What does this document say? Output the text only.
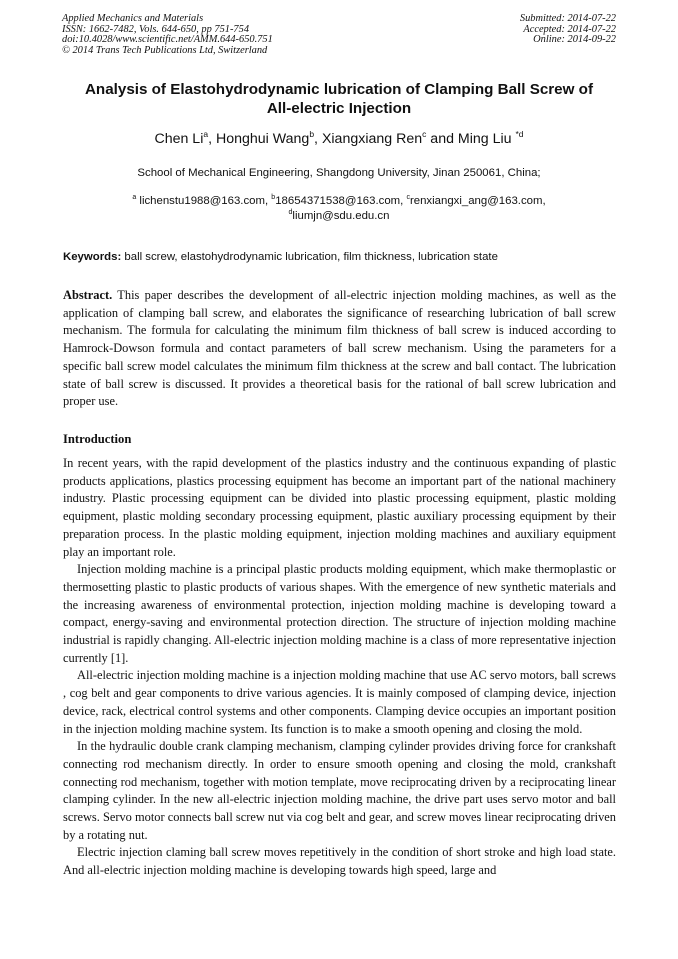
Applied Mechanics and Materials
ISSN: 1662-7482, Vols. 644-650, pp 751-754
doi:10.4028/www.scientific.net/AMM.644-650.751
© 2014 Trans Tech Publications Ltd, Switzerland
Submitted: 2014-07-22
Accepted: 2014-07-22
Online: 2014-09-22
Analysis of Elastohydrodynamic lubrication of Clamping Ball Screw of
All-electric Injection
Chen Li$^a$, Honghui Wang$^b$, Xiangxiang Ren$^c$ and Ming Liu $^{*d}$
School of Mechanical Engineering, Shangdong University, Jinan 250061, China;
$^a$ lichenstu1988@163.com, $^b$18654371538@163.com, $^c$renxiangxi_ang@163.com,
$^d$liumjn@sdu.edu.cn
Keywords: ball screw, elastohydrodynamic lubrication, film thickness, lubrication state

Abstract. This paper describes the development of all-electric injection molding machines, as well as the application of clamping ball screw, and elaborates the significance of researching lubrication of ball screw mechanism. The formula for calculating the minimum film thickness of ball screw is induced according to Hamrock-Dowson formula and contact parameters of ball screw mechanism. Using the parameters for a specific ball screw model calculates the minimum film thickness at the screw and ball contact. The lubrication state of ball screw is discussed. It provides a theoretical basis for the rational of ball screw lubrication and proper use.

Introduction

In recent years, with the rapid development of the plastics industry and the continuous expanding of plastic products applications, plastics processing equipment has become an important part of the national machinery industry. Plastic processing equipment can be divided into plastic processing equipment, plastic molding equipment, plastic molding secondary processing equipment, plastic auxiliary processing equipment by their preparation process. In the plastic molding equipment, injection molding machines and auxiliary equipment play an important role.

Injection molding machine is a principal plastic products molding equipment, which make thermoplastic or thermosetting plastic to plastic products of various shapes. With the emergence of new synthetic materials and the increasing awareness of environmental protection, injection molding machine is developing toward a compact, energy-saving and environmental protection direction. The structure of injection molding machine industrial is rapidly changing. All-electric injection molding machine is a class of more representative injection currently [1].

All-electric injection molding machine is a injection molding machine that use AC servo motors, ball screws , cog belt and gear components to drive various agencies. It is mainly composed of clamping device, injection device, rack, electrical control systems and other components. Clamping device occupies an important position in the injection molding machine system. Its function is to make a smooth opening and closing the mold.

In the hydraulic double crank clamping mechanism, clamping cylinder provides driving force for crankshaft connecting rod mechanism directly. In order to ensure smooth opening and closing the mold, crankshaft connecting rod mechanism, together with motion template, move reciprocating driven by a reciprocating linear clamping cylinder. In the new all-electric injection molding machine, the drive part uses servo motor and ball screws. Servo motor connects ball screw nut via cog belt and gear, and screw moves linear reciprocating driven by a rotating nut.

Electric injection claming ball screw moves repetitively in the condition of short stroke and high load state. And all-electric injection molding machine is developing towards high speed, large and
